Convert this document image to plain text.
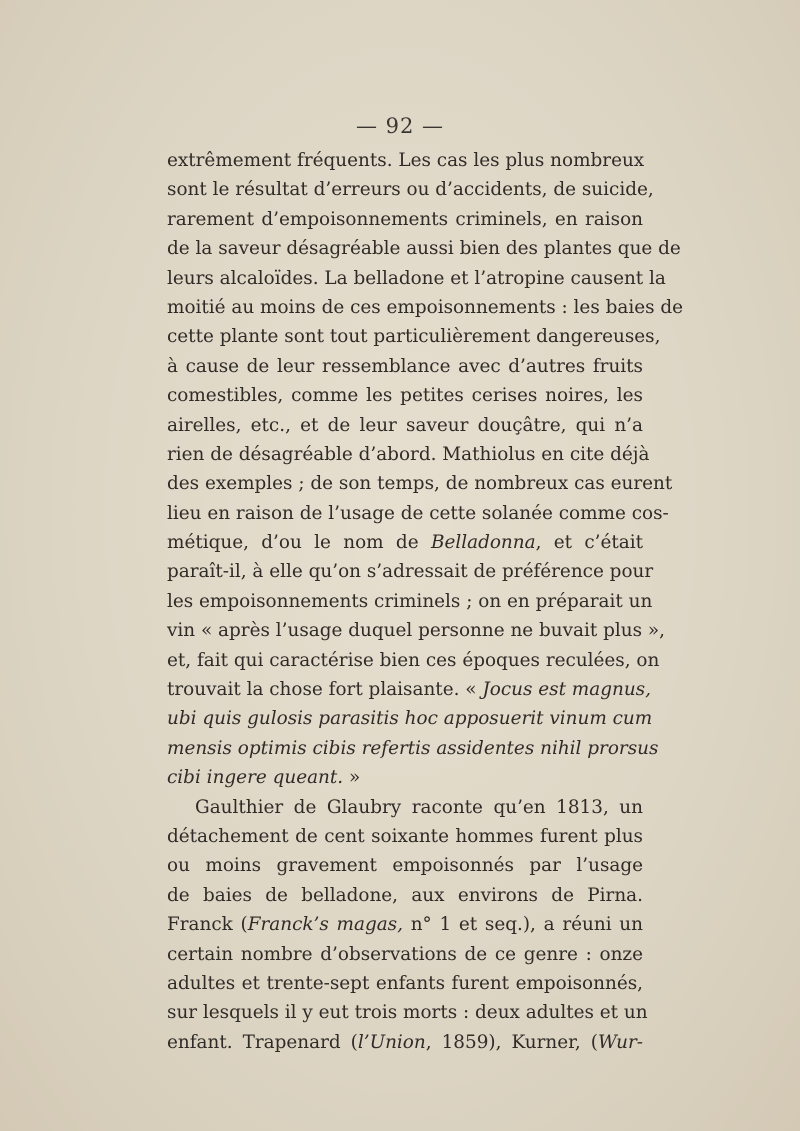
— 92 —
extrêmement fréquents. Les cas les plus nombreux
sont le résultat d’erreurs ou d’accidents, de suicide,
rarement d’empoisonnements criminels, en raison
de la saveur désagréable aussi bien des plantes que de
leurs alcaloïdes. La belladone et l’atropine causent la
moitié au moins de ces empoisonnements : les baies de
cette plante sont tout particulièrement dangereuses,
à cause de leur ressemblance avec d’autres fruits
comestibles, comme les petites cerises noires, les
airelles, etc., et de leur saveur douçâtre, qui n’a
rien de désagréable d’abord. Mathiolus en cite déjà
des exemples ; de son temps, de nombreux cas eurent
lieu en raison de l’usage de cette solanée comme cos-
métique, d’ou le nom de Belladonna, et c’était
paraît-il, à elle qu’on s’adressait de préférence pour
les empoisonnements criminels ; on en préparait un
vin « après l’usage duquel personne ne buvait plus »,
et, fait qui caractérise bien ces époques reculées, on
trouvait la chose fort plaisante. « Jocus est magnus,
ubi quis gulosis parasitis hoc apposuerit vinum cum
mensis optimis cibis refertis assidentes nihil prorsus
cibi ingere queant. »
Gaulthier de Glaubry raconte qu’en 1813, un
détachement de cent soixante hommes furent plus
ou moins gravement empoisonnés par l’usage
de baies de belladone, aux environs de Pirna.
Franck (Franck’s magas, n° 1 et seq.), a réuni un
certain nombre d’observations de ce genre : onze
adultes et trente-sept enfants furent empoisonnés,
sur lesquels il y eut trois morts : deux adultes et un
enfant. Trapenard (l’Union, 1859), Kurner, (Wur-
